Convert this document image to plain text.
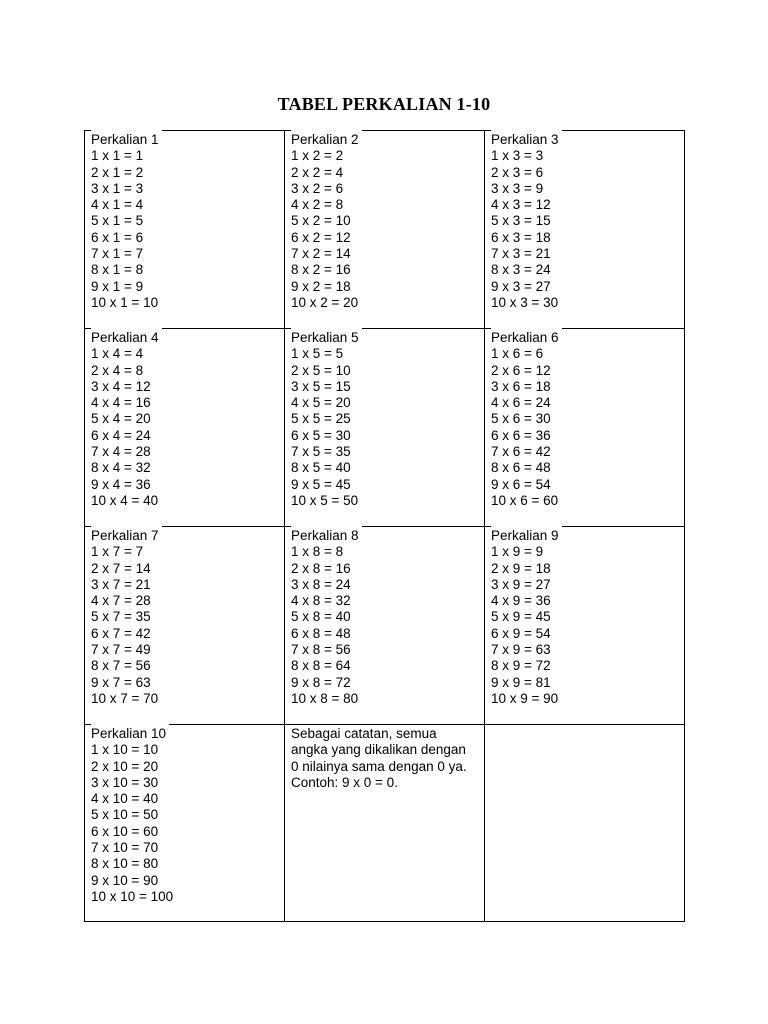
TABEL PERKALIAN 1-10
Perkalian 1
1 x 1 = 1
2 x 1 = 2
3 x 1 = 3
4 x 1 = 4
5 x 1 = 5
6 x 1 = 6
7 x 1 = 7
8 x 1 = 8
9 x 1 = 9
10 x 1 = 10
Perkalian 2
1 x 2 = 2
2 x 2 = 4
3 x 2 = 6
4 x 2 = 8
5 x 2 = 10
6 x 2 = 12
7 x 2 = 14
8 x 2 = 16
9 x 2 = 18
10 x 2 = 20
Perkalian 3
1 x 3 = 3
2 x 3 = 6
3 x 3 = 9
4 x 3 = 12
5 x 3 = 15
6 x 3 = 18
7 x 3 = 21
8 x 3 = 24
9 x 3 = 27
10 x 3 = 30
Perkalian 4
1 x 4 = 4
2 x 4 = 8
3 x 4 = 12
4 x 4 = 16
5 x 4 = 20
6 x 4 = 24
7 x 4 = 28
8 x 4 = 32
9 x 4 = 36
10 x 4 = 40
Perkalian 5
1 x 5 = 5
2 x 5 = 10
3 x 5 = 15
4 x 5 = 20
5 x 5 = 25
6 x 5 = 30
7 x 5 = 35
8 x 5 = 40
9 x 5 = 45
10 x 5 = 50
Perkalian 6
1 x 6 = 6
2 x 6 = 12
3 x 6 = 18
4 x 6 = 24
5 x 6 = 30
6 x 6 = 36
7 x 6 = 42
8 x 6 = 48
9 x 6 = 54
10 x 6 = 60
Perkalian 7
1 x 7 = 7
2 x 7 = 14
3 x 7 = 21
4 x 7 = 28
5 x 7 = 35
6 x 7 = 42
7 x 7 = 49
8 x 7 = 56
9 x 7 = 63
10 x 7 = 70
Perkalian 8
1 x 8 = 8
2 x 8 = 16
3 x 8 = 24
4 x 8 = 32
5 x 8 = 40
6 x 8 = 48
7 x 8 = 56
8 x 8 = 64
9 x 8 = 72
10 x 8 = 80
Perkalian 9
1 x 9 = 9
2 x 9 = 18
3 x 9 = 27
4 x 9 = 36
5 x 9 = 45
6 x 9 = 54
7 x 9 = 63
8 x 9 = 72
9 x 9 = 81
10 x 9 = 90
Perkalian 10
1 x 10 = 10
2 x 10 = 20
3 x 10 = 30
4 x 10 = 40
5 x 10 = 50
6 x 10 = 60
7 x 10 = 70
8 x 10 = 80
9 x 10 = 90
10 x 10 = 100
Sebagai catatan, semua angka yang dikalikan dengan 0 nilainya sama dengan 0 ya. Contoh: 9 x 0 = 0.
